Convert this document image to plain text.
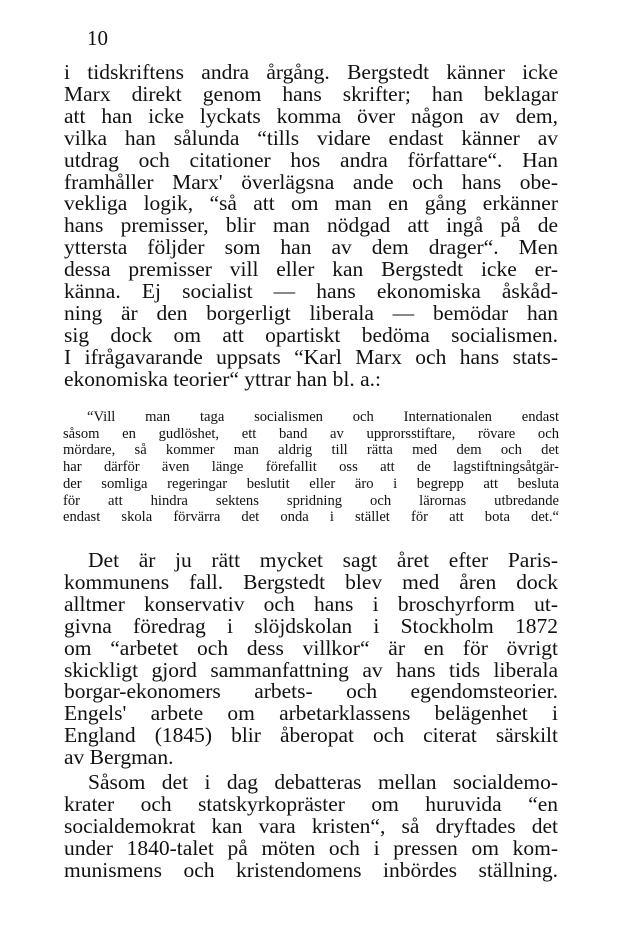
10
i tidskriftens andra årgång. Bergstedt känner icke
Marx direkt genom hans skrifter; han beklagar
att han icke lyckats komma över någon av dem,
vilka han sålunda “tills vidare endast känner av
utdrag och citationer hos andra författare“. Han
framhåller Marx' överlägsna ande och hans obe-
vekliga logik, “så att om man en gång erkänner
hans premisser, blir man nödgad att ingå på de
yttersta följder som han av dem drager“. Men
dessa premisser vill eller kan Bergstedt icke er-
känna. Ej socialist — hans ekonomiska åskåd-
ning är den borgerligt liberala — bemödar han
sig dock om att opartiskt bedöma socialismen.
I ifrågavarande uppsats “Karl Marx och hans stats-
ekonomiska teorier“ yttrar han bl. a.:
“Vill man taga socialismen och Internationalen endast
såsom en gudlöshet, ett band av upprorsstiftare, rövare och
mördare, så kommer man aldrig till rätta med dem och det
har därför även länge förefallit oss att de lagstiftningsåtgär-
der somliga regeringar beslutit eller äro i begrepp att besluta
för att hindra sektens spridning och lärornas utbredande
endast skola förvärra det onda i stället för att bota det.“
Det är ju rätt mycket sagt året efter Paris-
kommunens fall. Bergstedt blev med åren dock
alltmer konservativ och hans i broschyrform ut-
givna föredrag i slöjdskolan i Stockholm 1872
om “arbetet och dess villkor“ är en för övrigt
skickligt gjord sammanfattning av hans tids liberala
borgar-ekonomers arbets- och egendomsteorier.
Engels' arbete om arbetarklassens belägenhet i
England (1845) blir åberopat och citerat särskilt
av Bergman.
Såsom det i dag debatteras mellan socialdemo-
krater och statskyrkopräster om huruvida “en
socialdemokrat kan vara kristen“, så dryftades det
under 1840-talet på möten och i pressen om kom-
munismens och kristendomens inbördes ställning.
